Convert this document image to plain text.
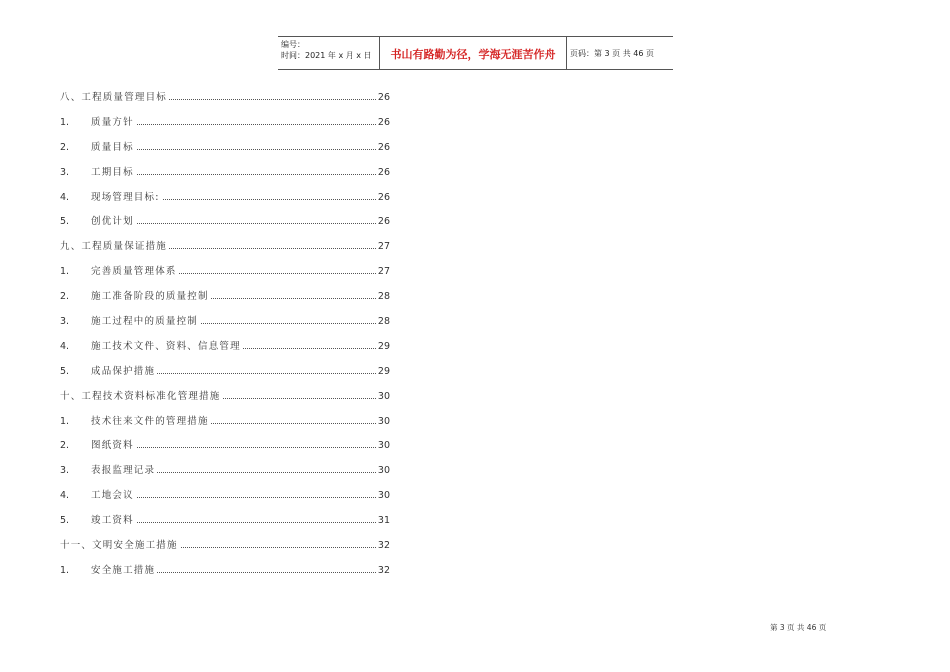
编号：
时间：2021 年 x 月 x 日	书山有路勤为径，学海无涯苦作舟	页码：第 3 页 共 46 页
八、工程质量管理目标	26
1. 质量方针	26
2. 质量目标	26
3. 工期目标	26
4. 现场管理目标:	26
5. 创优计划	26
九、工程质量保证措施	27
1. 完善质量管理体系	27
2. 施工准备阶段的质量控制	28
3. 施工过程中的质量控制	28
4. 施工技术文件、资料、信息管理	29
5. 成品保护措施	29
十、工程技术资料标准化管理措施	30
1. 技术往来文件的管理措施	30
2. 图纸资料	30
3. 表报监理记录	30
4. 工地会议	30
5. 竣工资料	31
十一、文明安全施工措施	32
1. 安全施工措施	32
第 3 页 共 46 页
